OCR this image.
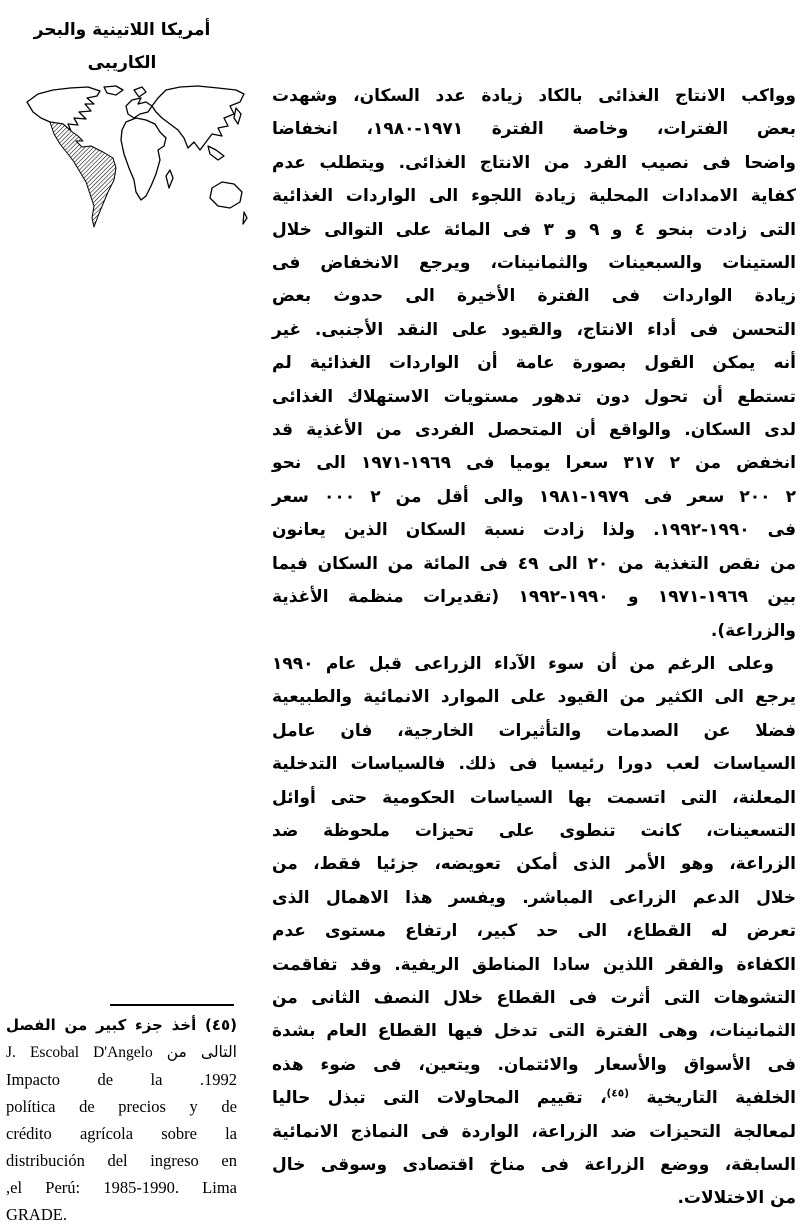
أمريكا اللاتينية والبحر
الكاريبى
وواكب الانتاج الغذائى بالكاد زيادة عدد السكان، وشهدت
بعض الفترات، وخاصة الفترة ١٩٧١-١٩٨٠، انخفاضا
واضحا فى نصيب الفرد من الانتاج الغذائى. ويتطلب عدم
كفاية الامدادات المحلية زيادة اللجوء الى الواردات الغذائية
التى زادت بنحو ٤ و ٩ و ٣ فى المائة على التوالى خلال
الستينات والسبعينات والثمانينات، ويرجع الانخفاض فى
زيادة الواردات فى الفترة الأخيرة الى حدوث بعض
التحسن فى أداء الانتاج، والقيود على النقد الأجنبى. غير
أنه يمكن القول بصورة عامة أن الواردات الغذائية لم
تستطع أن تحول دون تدهور مستويات الاستهلاك الغذائى
لدى السكان. والواقع أن المتحصل الفردى من الأغذية قد
انخفض من ٢ ٣١٧ سعرا يوميا فى ١٩٦٩-١٩٧١ الى نحو
٢ ٢٠٠ سعر فى ١٩٧٩-١٩٨١ والى أقل من ٢ ٠٠٠ سعر
فى ١٩٩٠-١٩٩٢. ولذا زادت نسبة السكان الذين يعانون
من نقص التغذية من ٢٠ الى ٤٩ فى المائة من السكان فيما
بين ١٩٦٩-١٩٧١ و ١٩٩٠-١٩٩٢ (تقديرات منظمة الأغذية
والزراعة).
وعلى الرغم من أن سوء الآداء الزراعى قبل عام ١٩٩٠
يرجع الى الكثير من القيود على الموارد الانمائية والطبيعية
فضلا عن الصدمات والتأثيرات الخارجية، فان عامل
السياسات لعب دورا رئيسيا فى ذلك. فالسياسات التدخلية
المعلنة، التى اتسمت بها السياسات الحكومية حتى أوائل
التسعينات، كانت تنطوى على تحيزات ملحوظة ضد
الزراعة، وهو الأمر الذى أمكن تعويضه، جزئيا فقط، من
خلال الدعم الزراعى المباشر. ويفسر هذا الاهمال الذى
تعرض له القطاع، الى حد كبير، ارتفاع مستوى عدم
الكفاءة والفقر اللذين سادا المناطق الريفية. وقد تفاقمت
التشوهات التى أثرت فى القطاع خلال النصف الثانى من
الثمانينات، وهى الفترة التى تدخل فيها القطاع العام بشدة
فى الأسواق والأسعار والائتمان. ويتعين، فى ضوء هذه
الخلفية التاريخية $^{(٤٥)}$، تقييم المحاولات التى تبذل حاليا
لمعالجة التحيزات ضد الزراعة، الواردة فى النماذج الانمائية
السابقة، ووضع الزراعة فى مناخ اقتصادى وسوقى خال
من الاختلالات.
(٤٥) أخذ جزء كبير من الفصل
التالى من J. Escobal D'Angelo
1992. Impacto de la
política de precios y de
crédito agrícola sobre la
distribución del ingreso en
el Perú: 1985-1990. Lima,
GRADE.
